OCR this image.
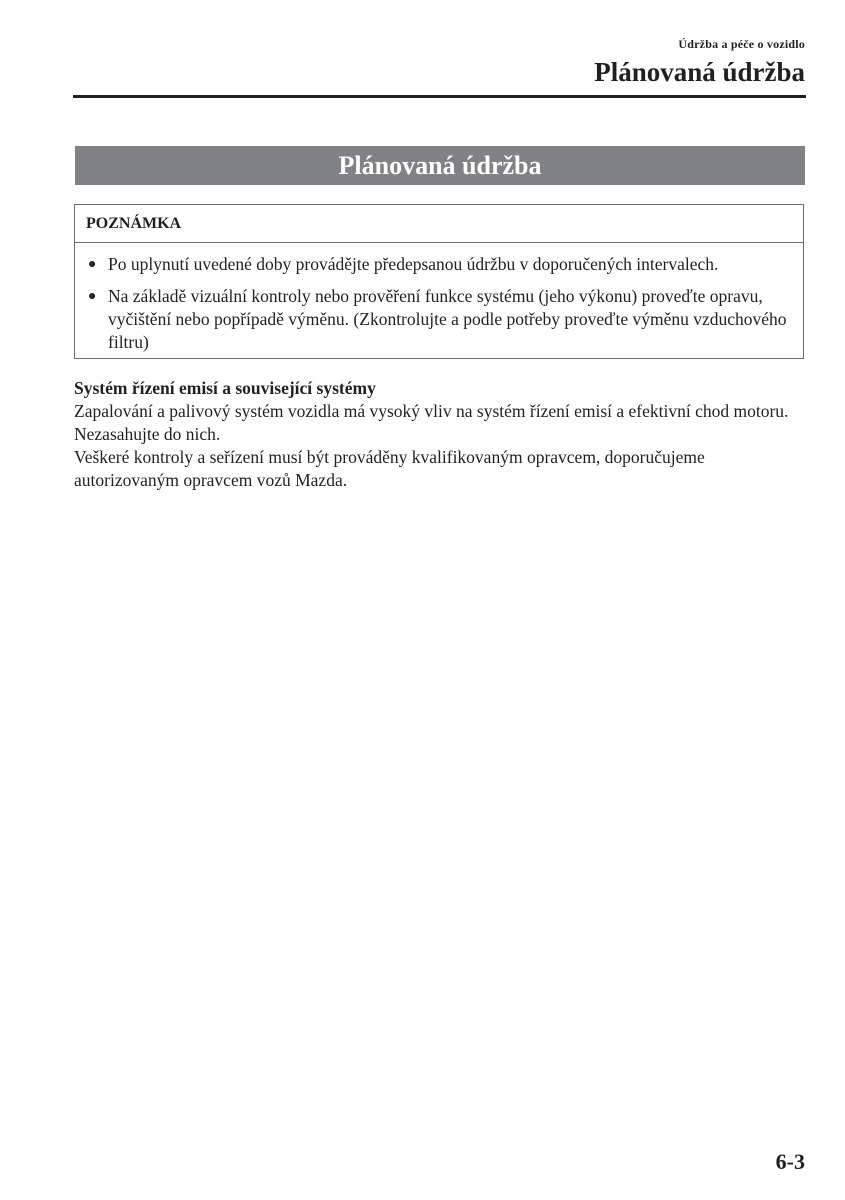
Údržba a péče o vozidlo
Plánovaná údržba
Plánovaná údržba
POZNÁMKA
● Po uplynutí uvedené doby provádějte předepsanou údržbu v doporučených intervalech.
● Na základě vizuální kontroly nebo prověření funkce systému (jeho výkonu) proveďte opravu, vyčištění nebo popřípadě výměnu. (Zkontrolujte a podle potřeby proveďte výměnu vzduchového filtru)

Systém řízení emisí a související systémy

Zapalování a palivový systém vozidla má vysoký vliv na systém řízení emisí a efektivní chod motoru. Nezasahujte do nich.

Veškeré kontroly a seřízení musí být prováděny kvalifikovaným opravcem, doporučujeme autorizovaným opravcem vozů Mazda.

6-3
